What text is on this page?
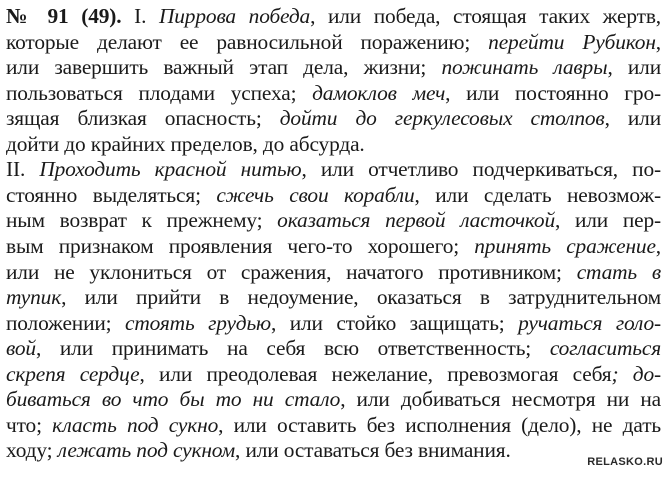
№ 91 (49). I. Пиррова победа, или победа, стоящая таких жертв,
которые делают ее равносильной поражению; перейти Рубикон,
или завершить важный этап дела, жизни; пожинать лавры, или
пользоваться плодами успеха; дамоклов меч, или постоянно гро-
зящая близкая опасность; дойти до геркулесовых столпов, или
дойти до крайних пределов, до абсурда.
II. Проходить красной нитью, или отчетливо подчеркиваться, по-
стоянно выделяться; сжечь свои корабли, или сделать невозмож-
ным возврат к прежнему; оказаться первой ласточкой, или пер-
вым признаком проявления чего-то хорошего; принять сражение,
или не уклониться от сражения, начатого противником; стать в
тупик, или прийти в недоумение, оказаться в затруднительном
положении; стоять грудью, или стойко защищать; ручаться голо-
вой, или принимать на себя всю ответственность; согласиться
скрепя сердце, или преодолевая нежелание, превозмогая себя; до-
биваться во что бы то ни стало, или добиваться несмотря ни на
что; класть под сукно, или оставить без исполнения (дело), не дать
ходу; лежать под сукном, или оставаться без внимания.	RELASKO.RU
